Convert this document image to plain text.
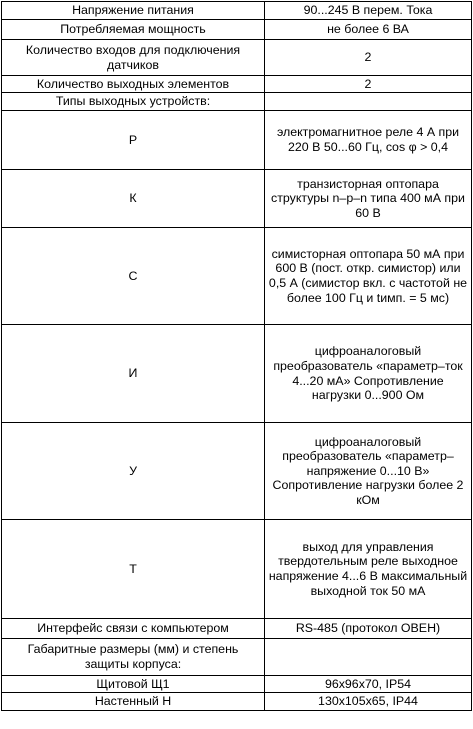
Напряжение питания	90...245 В перем. Тока
Потребляемая мощность	не более 6 ВА
Количество входов для подключения датчиков	2
Количество выходных элементов	2
Типы выходных устройств:	
Р	электромагнитное реле 4 А при 220 В 50...60 Гц, cos φ > 0,4
К	транзисторная оптопара структуры n–p–n типа 400 мА при 60 В
С	симисторная оптопара 50 мА при 600 В (пост. откр. симистор) или 0,5 А (симистор вкл. с частотой не более 100 Гц и tимп. = 5 мс)
И	цифроаналоговый преобразователь «параметр–ток 4...20 мА» Сопротивление нагрузки 0...900 Ом
У	цифроаналоговый преобразователь «параметр–напряжение 0...10 В» Сопротивление нагрузки более 2 кОм
Т	выход для управления твердотельным реле выходное напряжение 4...6 В максимальный выходной ток 50 мА
Интерфейс связи с компьютером	RS-485 (протокол ОВЕН)
Габаритные размеры (мм) и степень защиты корпуса:	
Щитовой Щ1	96x96x70, IP54
Настенный Н	130x105x65, IP44
